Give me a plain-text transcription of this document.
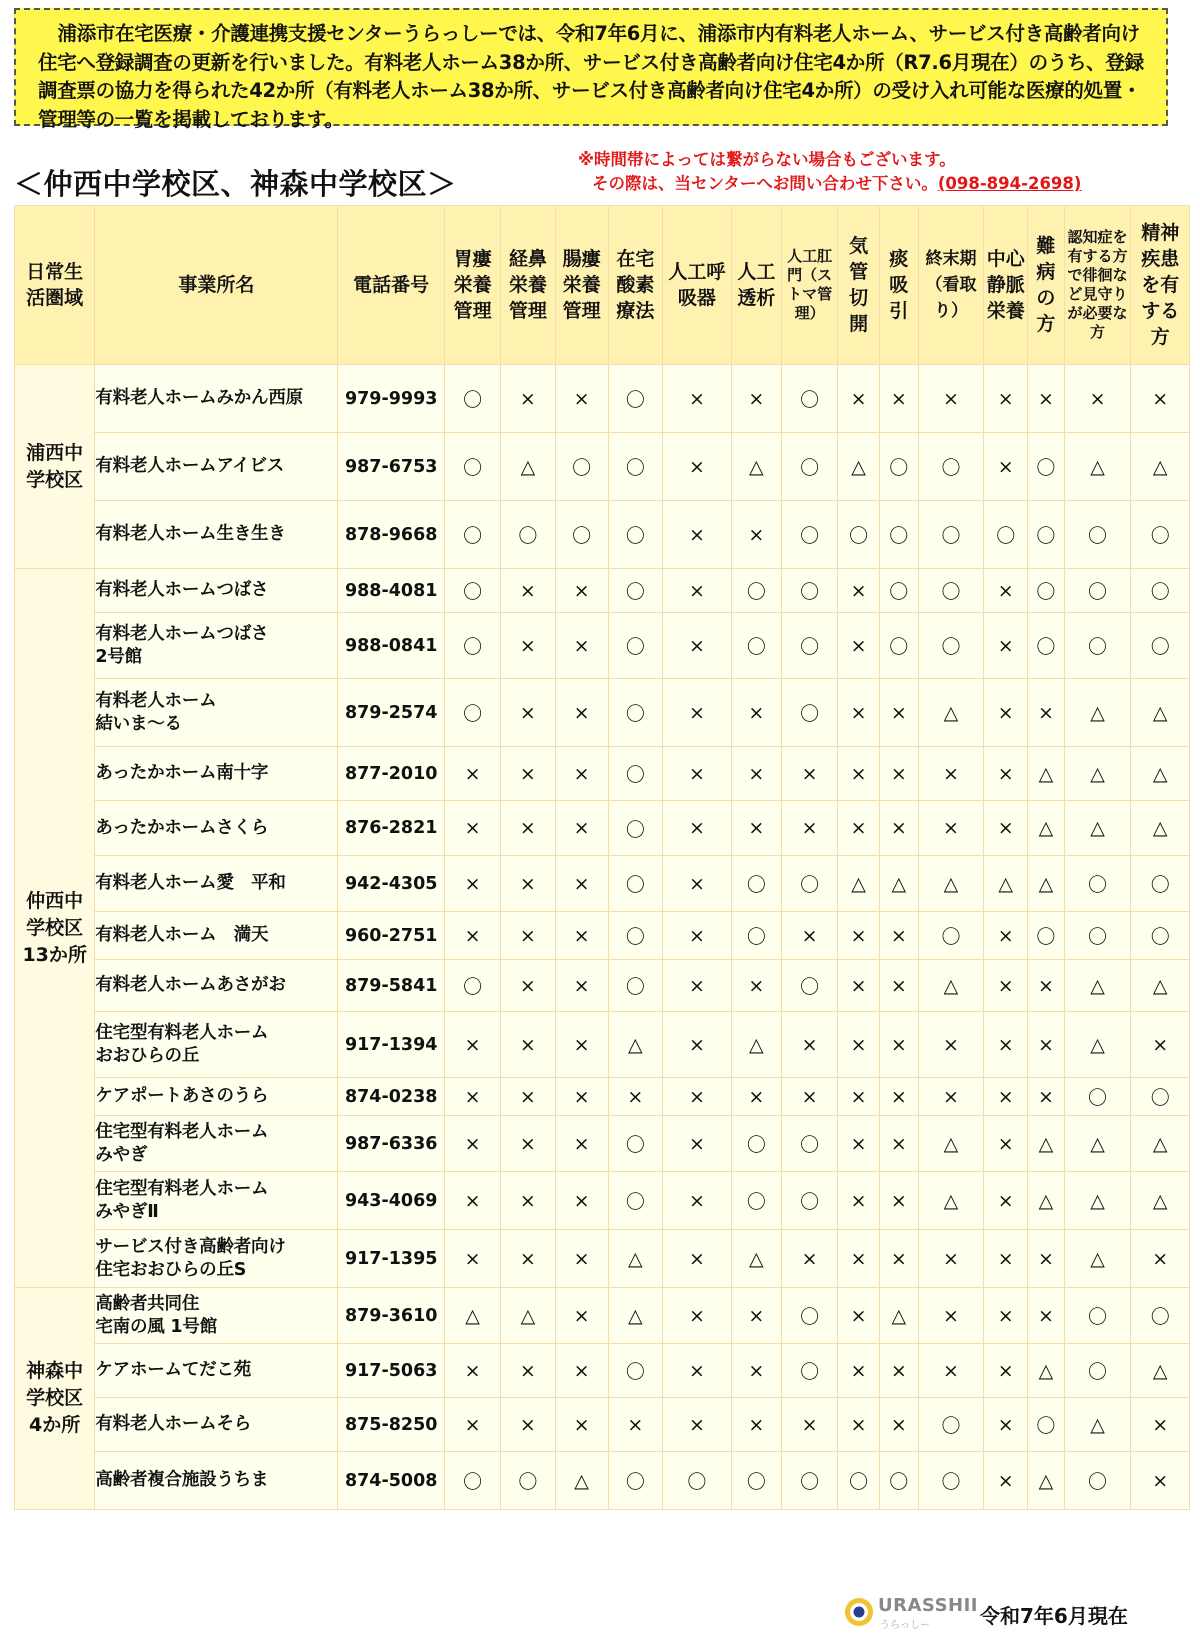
浦添市在宅医療・介護連携支援センターうらっしーでは、令和7年6月に、浦添市内有料老人ホーム、サービス付き高齢者向け住宅へ登録調査の更新を行いました。有料老人ホーム38か所、サービス付き高齢者向け住宅4か所（R7.6月現在）のうち、登録調査票の協力を得られた42か所（有料老人ホーム38か所、サービス付き高齢者向け住宅4か所）の受け入れ可能な医療的処置・管理等の一覧を掲載しております。

＜仲西中学校区、神森中学校区＞
※時間帯によっては繋がらない場合もございます。
その際は、当センターへお問い合わせ下さい。(098-894-2698)
日常生活圏域	事業所名	電話番号	胃瘻栄養管理	経鼻栄養管理	腸瘻栄養管理	在宅酸素療法	人工呼吸器	人工透析	人工肛門（ストマ管理）	気管切開	痰吸引	終末期（看取り）	中心静脈栄養	難病の方	認知症を有する方で徘徊など見守りが必要な方	精神疾患を有する方
浦西中学校区	有料老人ホームみかん西原	979-9993	〇	×	×	〇	×	×	〇	×	×	×	×	×	×	×
	有料老人ホームアイビス	987-6753	〇	△	〇	〇	×	△	〇	△	〇	〇	×	〇	△	△
	有料老人ホーム生き生き	878-9668	〇	〇	〇	〇	×	×	〇	〇	〇	〇	〇	〇	〇	〇
仲西中学校区13か所	有料老人ホームつばさ	988-4081	〇	×	×	〇	×	〇	〇	×	〇	〇	×	〇	〇	〇
	有料老人ホームつばさ
2号館	988-0841	〇	×	×	〇	×	〇	〇	×	〇	〇	×	〇	〇	〇
	有料老人ホーム
結いま～る	879-2574	〇	×	×	〇	×	×	〇	×	×	△	×	×	△	△
	あったかホーム南十字	877-2010	×	×	×	〇	×	×	×	×	×	×	×	△	△	△
	あったかホームさくら	876-2821	×	×	×	〇	×	×	×	×	×	×	×	△	△	△
	有料老人ホーム愛　平和	942-4305	×	×	×	〇	×	〇	〇	△	△	△	△	△	〇	〇
	有料老人ホーム　満天	960-2751	×	×	×	〇	×	〇	×	×	×	〇	×	〇	〇	〇
	有料老人ホームあさがお	879-5841	〇	×	×	〇	×	×	〇	×	×	△	×	×	△	△
	住宅型有料老人ホーム
おおひらの丘	917-1394	×	×	×	△	×	△	×	×	×	×	×	×	△	×
	ケアポートあさのうら	874-0238	×	×	×	×	×	×	×	×	×	×	×	×	〇	〇
	住宅型有料老人ホーム
みやぎ	987-6336	×	×	×	〇	×	〇	〇	×	×	△	×	△	△	△
	住宅型有料老人ホーム
みやぎⅡ	943-4069	×	×	×	〇	×	〇	〇	×	×	△	×	△	△	△
	サービス付き高齢者向け
住宅おおひらの丘S	917-1395	×	×	×	△	×	△	×	×	×	×	×	×	△	×
神森中学校区4か所	高齢者共同住
宅南の風 1号館	879-3610	△	△	×	△	×	×	〇	×	△	×	×	×	〇	〇
	ケアホームてだこ苑	917-5063	×	×	×	〇	×	×	〇	×	×	×	×	△	〇	△
	有料老人ホームそら	875-8250	×	×	×	×	×	×	×	×	×	〇	×	〇	△	×
	高齢者複合施設うちま	874-5008	〇	〇	△	〇	〇	〇	〇	〇	〇	〇	×	△	〇	×
URASSHII
うらっしー	令和7年6月現在
